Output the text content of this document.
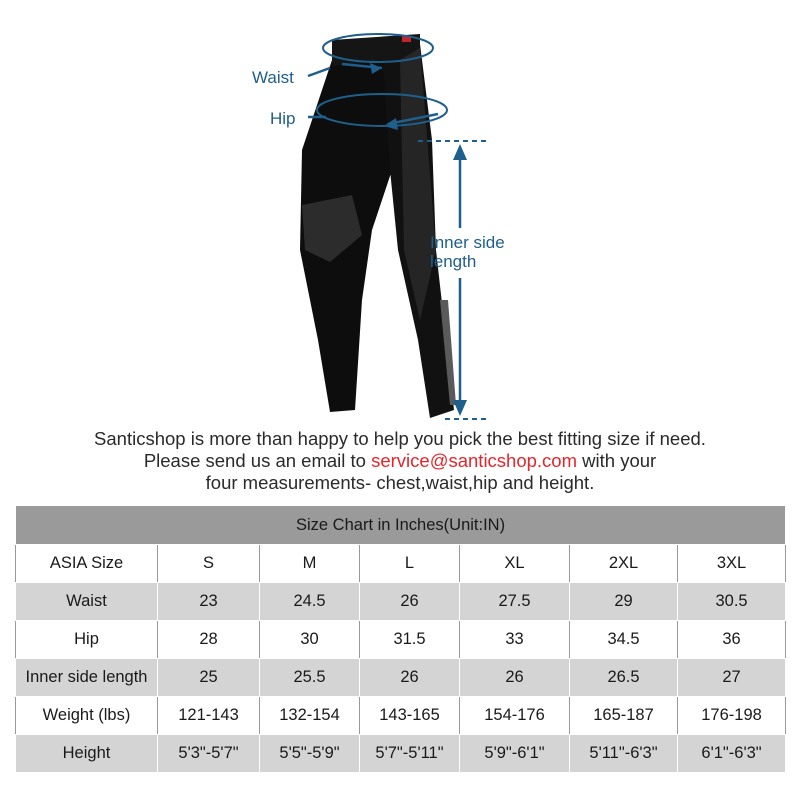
Waist
Hip
Inner side
length
Santicshop is more than happy to help you pick the best fitting size if need.
Please send us an email to service@santicshop.com with your
four measurements- chest,waist,hip and height.
Size Chart in Inches(Unit:IN)						
ASIA Size	S	M	L	XL	2XL	3XL
Waist	23	24.5	26	27.5	29	30.5
Hip	28	30	31.5	33	34.5	36
Inner side length	25	25.5	26	26	26.5	27
Weight (lbs)	121-143	132-154	143-165	154-176	165-187	176-198
Height	5'3"-5'7"	5'5"-5'9"	5'7"-5'11"	5'9"-6'1"	5'11"-6'3"	6'1"-6'3"
